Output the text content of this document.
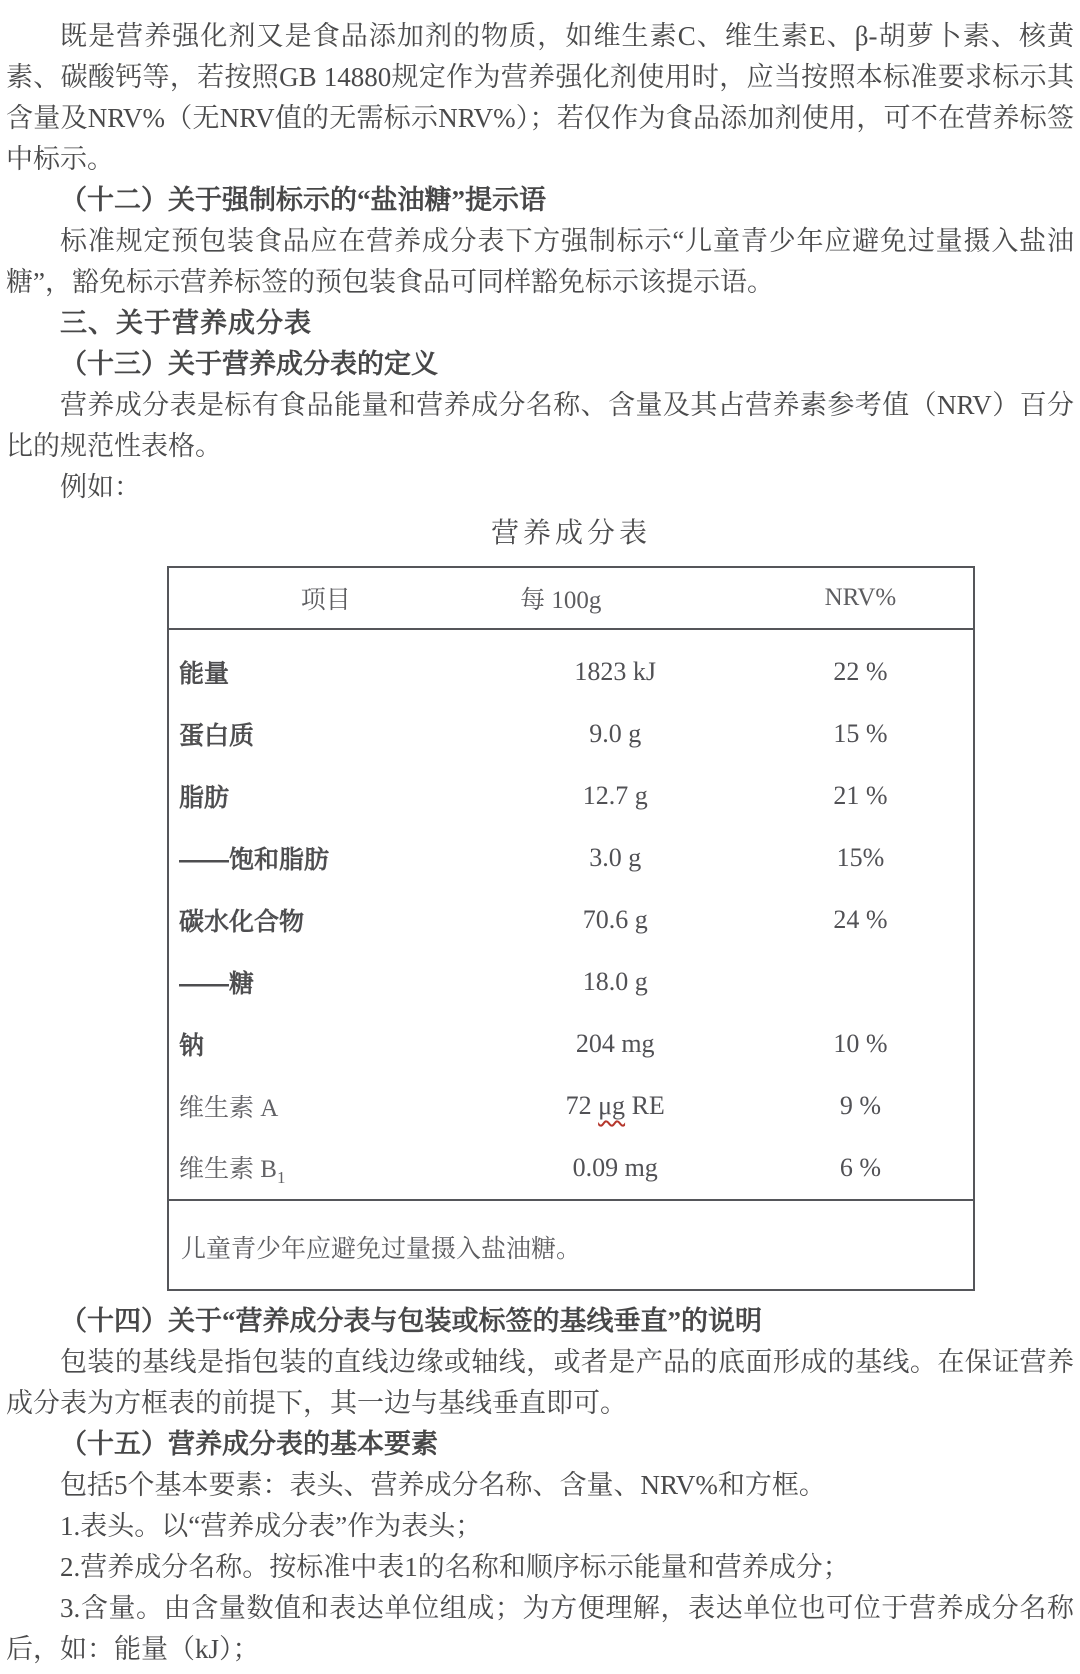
既是营养强化剂又是食品添加剂的物质，如维生素C、维生素E、β-胡萝卜素、核黄素、碳酸钙等，若按照GB 14880规定作为营养强化剂使用时，应当按照本标准要求标示其含量及NRV%（无NRV值的无需标示NRV%）；若仅作为食品添加剂使用，可不在营养标签中标示。

（十二）关于强制标示的“盐油糖”提示语

标准规定预包装食品应在营养成分表下方强制标示“儿童青少年应避免过量摄入盐油糖”，豁免标示营养标签的预包装食品可同样豁免标示该提示语。

三、关于营养成分表

（十三）关于营养成分表的定义

营养成分表是标有食品能量和营养成分名称、含量及其占营养素参考值（NRV）百分比的规范性表格。

例如：

营养成分表
项目	每 100g	NRV%
能量	1823 kJ	22 %
蛋白质	9.0 g	15 %
脂肪	12.7 g	21 %
——饱和脂肪	3.0 g	15%
碳水化合物	70.6 g	24 %
——糖	18.0 g	
钠	204 mg	10 %
维生素 A	72 μg RE	9 %
维生素 $B_1$	0.09 mg	6 %
儿童青少年应避免过量摄入盐油糖。

（十四）关于“营养成分表与包装或标签的基线垂直”的说明

包装的基线是指包装的直线边缘或轴线，或者是产品的底面形成的基线。在保证营养成分表为方框表的前提下，其一边与基线垂直即可。

（十五）营养成分表的基本要素

包括5个基本要素：表头、营养成分名称、含量、NRV%和方框。

1.表头。以“营养成分表”作为表头；

2.营养成分名称。按标准中表1的名称和顺序标示能量和营养成分；

3.含量。由含量数值和表达单位组成；为方便理解，表达单位也可位于营养成分名称后，如：能量（kJ）；
